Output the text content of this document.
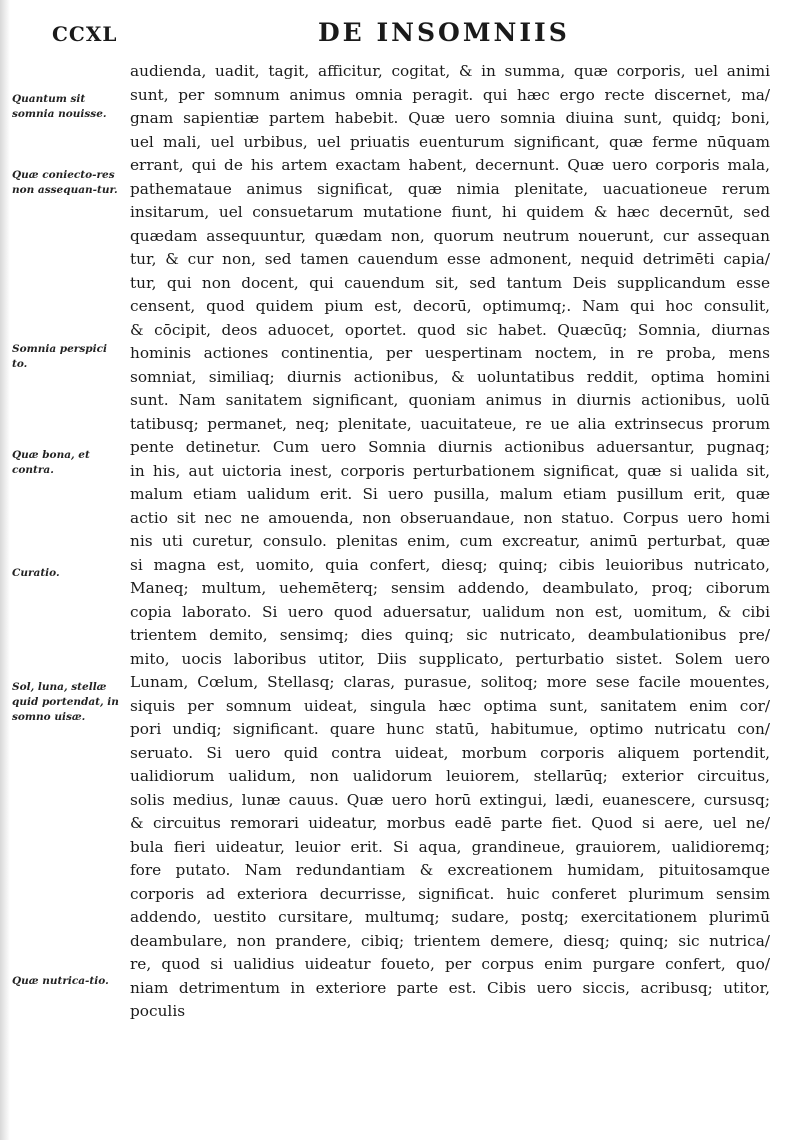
CCXL	DE INSOMNIIS
Quantum sit somnia nouisse.
Quæ coniecto-res non assequan-tur.
Somnia perspici to.
Quæ bona, et contra.
Curatio.
Sol, luna, stellæ quid portendat, in somno uisæ.
Quæ nutrica-tio.
audienda, uadit, tagit, afficitur, cogitat, & in summa, quæ corporis, uel animi
sunt, per somnum animus omnia peragit. qui hæc ergo recte discernet, ma/
gnam sapientiæ partem habebit. Quæ uero somnia diuina sunt, quidq; boni,
uel mali, uel urbibus, uel priuatis euenturum significant, quæ ferme nūquam
errant, qui de his artem exactam habent, decernunt. Quæ uero corporis mala,
pathemataue animus significat, quæ nimia plenitate, uacuationeue rerum
insitarum, uel consuetarum mutatione fiunt, hi quidem & hæc decernūt, sed
quædam assequuntur, quædam non, quorum neutrum nouerunt, cur assequan
tur, & cur non, sed tamen cauendum esse admonent, nequid detrimēti capia/
tur, qui non docent, qui cauendum sit, sed tantum Deis supplicandum esse
censent, quod quidem pium est, decorū, optimumq;. Nam qui hoc consulit,
& cōcipit, deos aduocet, oportet. quod sic habet. Quæcūq; Somnia, diurnas
hominis actiones continentia, per uespertinam noctem, in re proba, mens
somniat, similiaq; diurnis actionibus, & uoluntatibus reddit, optima homini
sunt. Nam sanitatem significant, quoniam animus in diurnis actionibus, uolū
tatibusq; permanet, neq; plenitate, uacuitateue, re ue alia extrinsecus prorum
pente detinetur. Cum uero Somnia diurnis actionibus aduersantur, pugnaq;
in his, aut uictoria inest, corporis perturbationem significat, quæ si ualida sit,
malum etiam ualidum erit. Si uero pusilla, malum etiam pusillum erit, quæ
actio sit nec ne amouenda, non obseruandaue, non statuo. Corpus uero homi
nis uti curetur, consulo. plenitas enim, cum excreatur, animū perturbat, quæ
si magna est, uomito, quia confert, diesq; quinq; cibis leuioribus nutricato,
Maneq; multum, uehemēterq; sensim addendo, deambulato, proq; ciborum
copia laborato. Si uero quod aduersatur, ualidum non est, uomitum, & cibi
trientem demito, sensimq; dies quinq; sic nutricato, deambulationibus pre/
mito, uocis laboribus utitor, Diis supplicato, perturbatio sistet. Solem uero
Lunam, Cœlum, Stellasq; claras, purasue, solitoq; more sese facile mouentes,
siquis per somnum uideat, singula hæc optima sunt, sanitatem enim cor/
pori undiq; significant. quare hunc statū, habitumue, optimo nutricatu con/
seruato. Si uero quid contra uideat, morbum corporis aliquem portendit,
ualidiorum ualidum, non ualidorum leuiorem, stellarūq; exterior circuitus,
solis medius, lunæ cauus. Quæ uero horū extingui, lædi, euanescere, cursusq;
& circuitus remorari uideatur, morbus eadē parte fiet. Quod si aere, uel ne/
bula fieri uideatur, leuior erit. Si aqua, grandineue, grauiorem, ualidioremq;
fore putato. Nam redundantiam & excreationem humidam, pituitosamque
corporis ad exteriora decurrisse, significat. huic conferet plurimum sensim
addendo, uestito cursitare, multumq; sudare, postq; exercitationem plurimū
deambulare, non prandere, cibiq; trientem demere, diesq; quinq; sic nutrica/
re, quod si ualidius uideatur foueto, per corpus enim purgare confert, quo/
niam detrimentum in exteriore parte est. Cibis uero siccis, acribusq; utitor,
poculis
